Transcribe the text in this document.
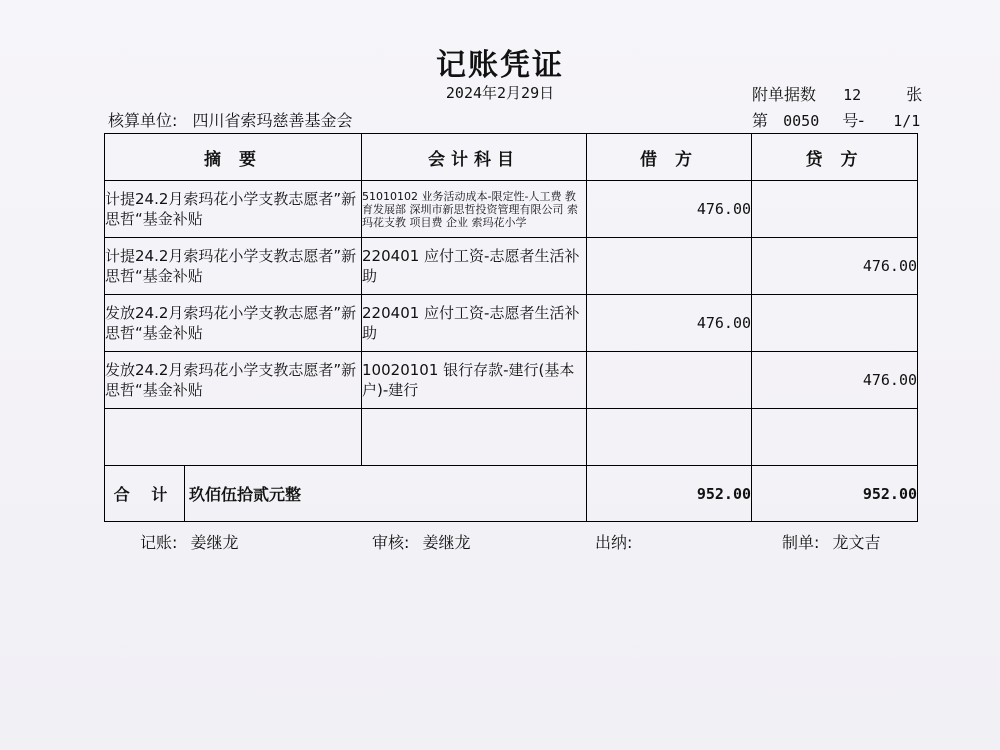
记账凭证
2024年2月29日
核算单位: 四川省索玛慈善基金会
附单据数 12	张
第 0050 号- 1/1
摘 要		会计科目	借 方	贷 方
计提24.2月索玛花小学支教志愿者”新思哲“基金补贴		51010102 业务活动成本-限定性-人工费 教育发展部 深圳市新思哲投资管理有限公司 索玛花支教 项目费 企业 索玛花小学	476.00	
计提24.2月索玛花小学支教志愿者”新思哲“基金补贴		220401 应付工资-志愿者生活补助		476.00
发放24.2月索玛花小学支教志愿者”新思哲“基金补贴		220401 应付工资-志愿者生活补助	476.00	
发放24.2月索玛花小学支教志愿者”新思哲“基金补贴		10020101 银行存款-建行(基本户)-建行		476.00

合 计	玖佰伍拾贰元整		952.00	952.00
记账: 姜继龙	审核: 姜继龙	出纳:	制单: 龙文吉
